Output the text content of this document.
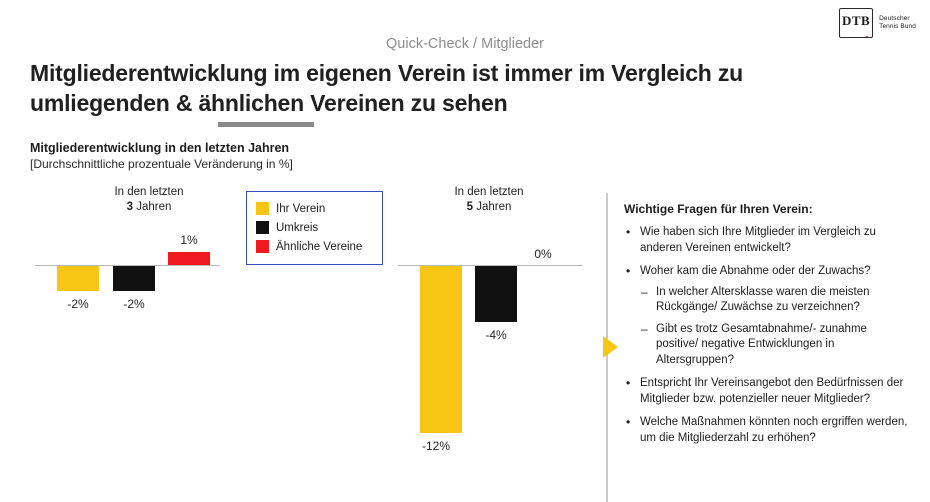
DTB Deutscher
Tennis Bund
Quick-Check / Mitglieder
Mitgliederentwicklung im eigenen Verein ist immer im Vergleich zu umliegenden & ähnlichen Vereinen zu sehen
Mitgliederentwicklung in den letzten Jahren
[Durchschnittliche prozentuale Veränderung in %]
In den letzten
3 Jahren
-2%	-2%
1%
Ihr Verein
Umkreis
Ähnliche Vereine
In den letzten
5 Jahren
-12%
-4%
0%
Wichtige Fragen für Ihren Verein:
• Wie haben sich Ihre Mitglieder im Vergleich zu anderen Vereinen entwickelt?
• Woher kam die Abnahme oder der Zuwachs?
– In welcher Altersklasse waren die meisten Rückgänge/ Zuwächse zu verzeichnen?
– Gibt es trotz Gesamtabnahme/- zunahme positive/ negative Entwicklungen in Altersgruppen?
• Entspricht Ihr Vereinsangebot den Bedürfnissen der Mitglieder bzw. potenzieller neuer Mitglieder?
• Welche Maßnahmen könnten noch ergriffen werden, um die Mitgliederzahl zu erhöhen?
